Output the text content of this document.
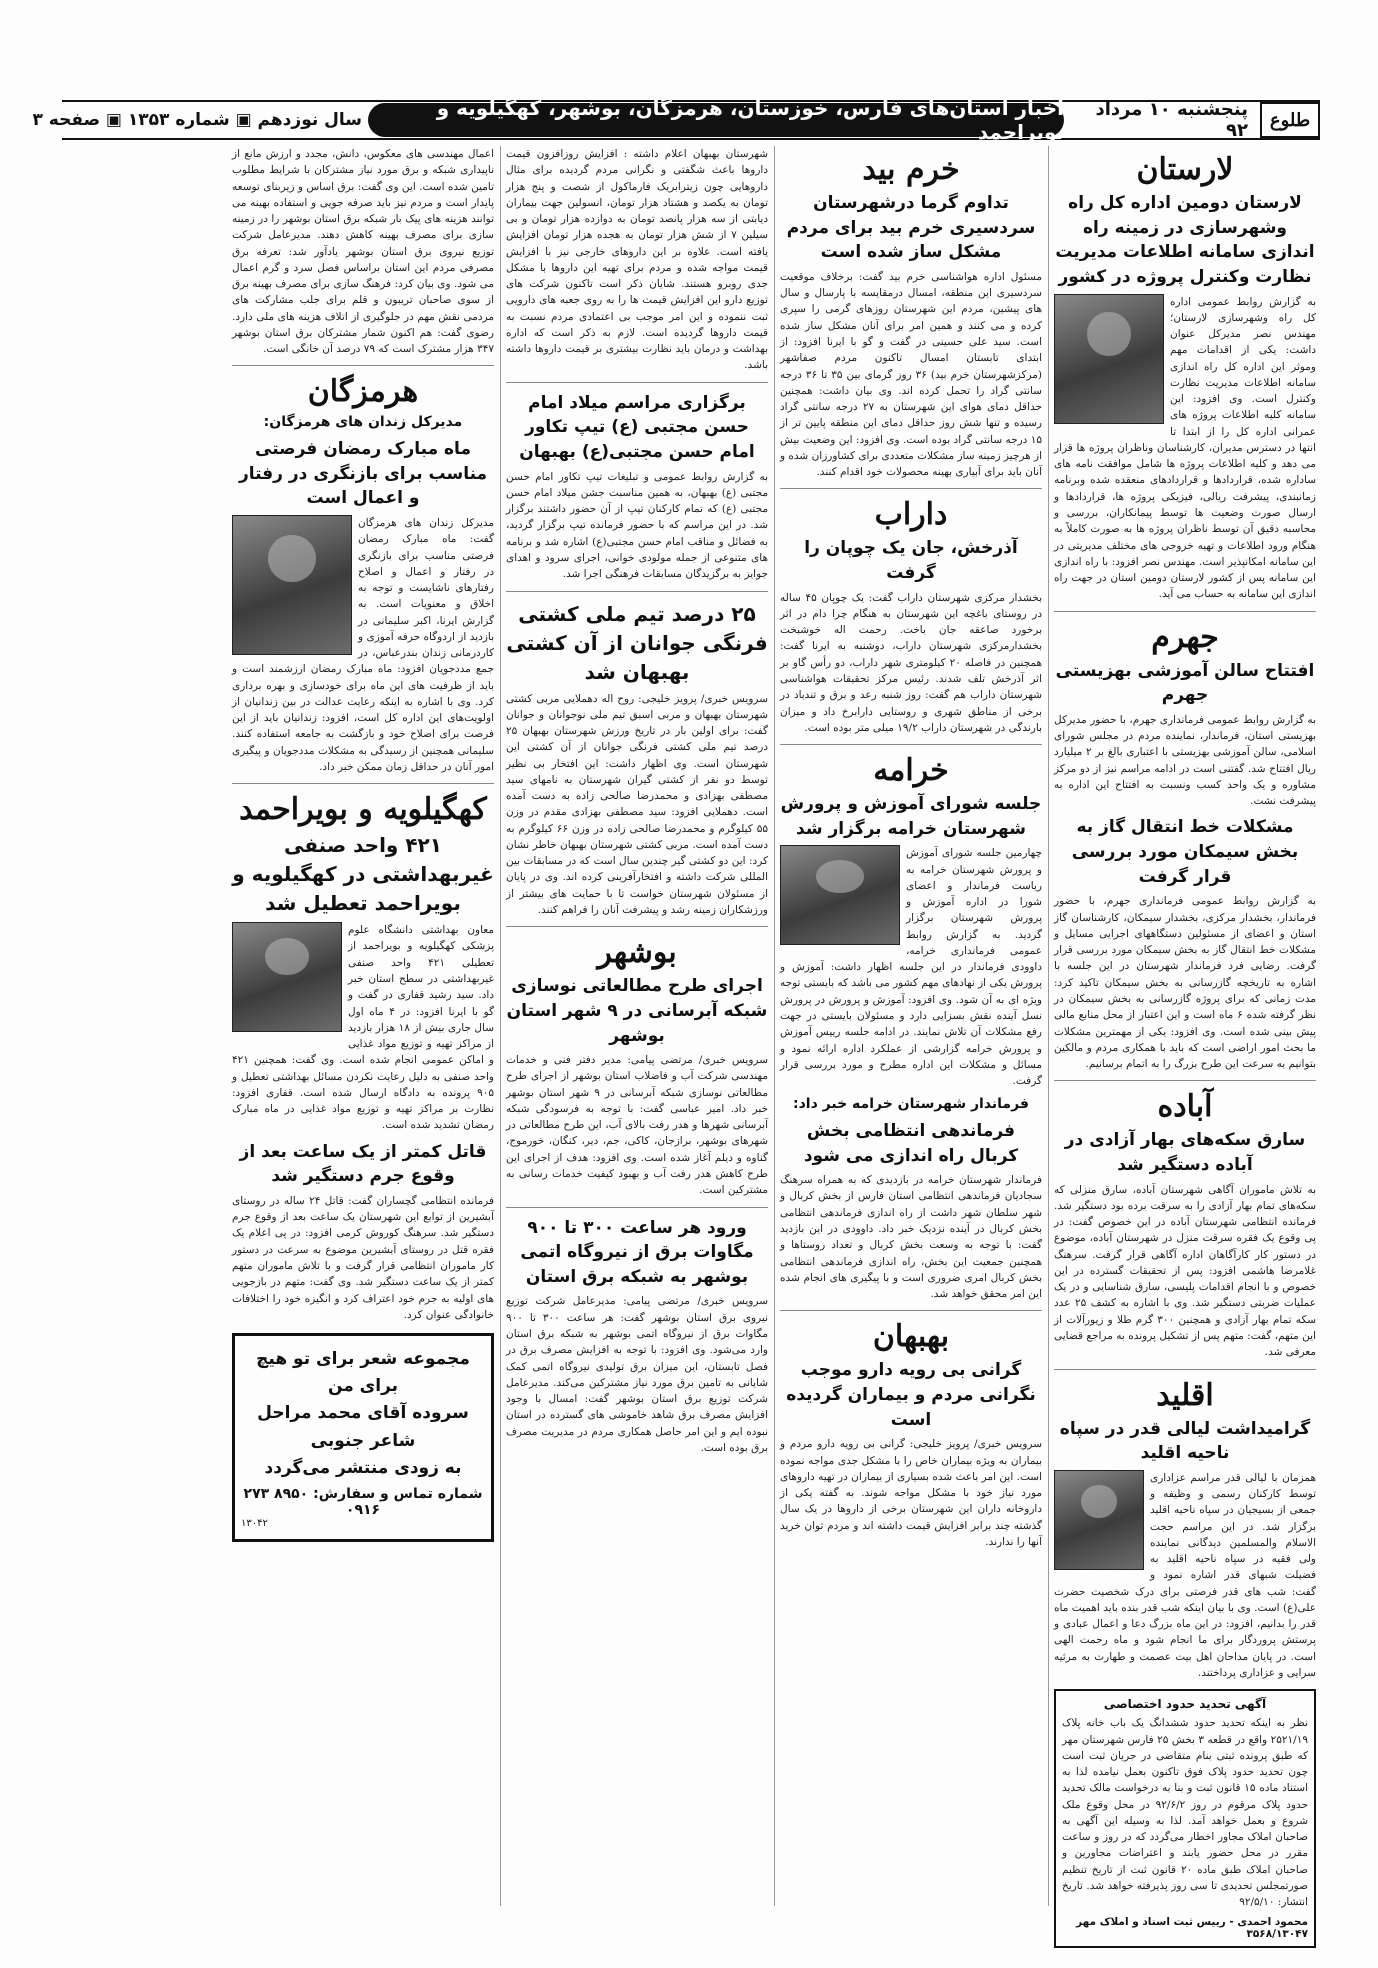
طلوع
پنجشنبه ۱۰ مرداد ۹۲
اخبار استان‌های فارس، خوزستان، هرمزگان، بوشهر، کهگیلویه و بویراحمد
سال نوزدهم ▣ شماره ۱۳۵۳ ▣ صفحه ۳
لارستان
لارستان دومین اداره کل راه وشهرسازی در زمینه راه اندازی سامانه اطلاعات مدیریت نظارت وکنترل پروژه در کشور
به گزارش روابط عمومی اداره کل راه وشهرسازی لارستان؛ مهندس نصر مدیرکل عنوان داشت: یکی از اقدامات مهم وموثر این اداره کل راه اندازی سامانه اطلاعات مدیریت نظارت وکنترل است. وی افزود: این سامانه کلیه اطلاعات پروژه های عمرانی اداره کل را از ابتدا تا انتها در دسترس مدیران، کارشناسان وناظران پروژه ها قرار می دهد و کلیه اطلاعات پروژه ها شامل موافقت نامه های ساداره شده، قراردادها و قراردادهای منعقده شده وبرنامه زمانبندی، پیشرفت ریالی، فیزیکی پروژه ها، قراردادها و ارسال صورت وضعیت ها توسط پیمانکاران، بررسی و محاسبه دقیق آن توسط ناظران پروژه ها به صورت کاملاً به هنگام ورود اطلاعات و تهیه خروجی های مختلف مدیریتی در این سامانه امکانپذیر است. مهندس نصر افزود: با راه اندازی این سامانه پس از کشور لارستان دومین استان در جهت راه اندازی این سامانه به حساب می آید.
جهرم
افتتاح سالن آموزشی بهزیستی جهرم
به گزارش روابط عمومی فرمانداری جهرم، با حضور مدیرکل بهزیستی استان، فرماندار، نماینده مردم در مجلس شورای اسلامی، سالن آموزشی بهزیستی با اعتباری بالغ بر ۲ میلیارد ریال افتتاح شد. گفتنی است در ادامه مراسم نیز از دو مرکز مشاوره و یک واحد کسب ونسبت به افتتاح این اداره به پیشرفت نشت.
مشکلات خط انتقال گاز به بخش سیمکان مورد بررسی قرار گرفت
به گزارش روابط عمومی فرمانداری جهرم، با حضور فرماندار، بخشدار مرکزی، بخشدار سیمکان، کارشناسان گاز استان و اعضای از مسئولین دستگاههای اجرایی مسایل و مشکلات خط انتقال گاز به بخش سیمکان مورد بررسی قرار گرفت. رضایی فرد فرماندار شهرستان در این جلسه با اشاره به تاریخچه گازرسانی به بخش سیمکان تاکید کرد: مدت زمانی که برای پروژه گازرسانی به بخش سیمکان در نظر گرفته شده ۶ ماه است و این اعتبار از محل منابع مالی پیش بینی شده است. وی افزود: یکی از مهمترین مشکلات ما بحث امور اراضی است که باید با همکاری مردم و مالکین بتوانیم به سرعت این طرح بزرگ را به اتمام برسانیم.
آباده
سارق سکه‌های بهار آزادی در آباده دستگیر شد
به تلاش ماموران آگاهی شهرستان آباده، سارق منزلی که سکه‌های تمام بهار آزادی را به سرقت برده بود دستگیر شد. فرمانده انتظامی شهرستان آباده در این خصوص گفت: در پی وقوع یک فقره سرقت منزل در شهرستان آباده، موضوع در دستور کار کارآگاهان اداره آگاهی قرار گرفت. سرهنگ غلامرضا هاشمی افزود: پس از تحقیقات گسترده در این خصوص و با انجام اقدامات پلیسی، سارق شناسایی و در یک عملیات ضربتی دستگیر شد. وی با اشاره به کشف ۲۵ عدد سکه تمام بهار آزادی و همچنین ۳۰۰ گرم طلا و زیورآلات از این متهم، گفت: متهم پس از تشکیل پرونده به مراجع قضایی معرفی شد.
اقلید
گرامیداشت لیالی قدر در سپاه ناحیه اقلید
همزمان با لیالی قدر مراسم عزاداری توسط کارکنان رسمی و وظیفه و جمعی از بسیجیان در سپاه ناحیه اقلید برگزار شد. در این مراسم حجت الاسلام والمسلمین دیدگانی نماینده ولی فقیه در سپاه ناحیه اقلید به فضیلت شبهای قدر اشاره نمود و گفت: شب های قدر فرصتی برای درک شخصیت حضرت علی(ع) است. وی با بیان اینکه شب قدر بنده باید اهمیت ماه قدر را بدانیم، افزود: در این ماه بزرگ دعا و اعمال عبادی و پرستش پروردگار برای ما انجام شود و ماه رحمت الهی است. در پایان مداحان اهل بیت عصمت و طهارت به مرثیه سرایی و عزاداری پرداختند.
آگهی تحدید حدود اختصاصی
نظر به اینکه تحدید حدود ششدانگ یک باب خانه پلاک ۲۵۲۱/۱۹ واقع در قطعه ۳ بخش ۲۵ فارس شهرستان مهر که طبق پرونده ثبتی بنام متقاضی در جریان ثبت است چون تحدید حدود پلاک فوق تاکنون بعمل نیامده لذا به استناد ماده ۱۵ قانون ثبت و بنا به درخواست مالک تحدید حدود پلاک مرقوم در روز ۹۲/۶/۲ در محل وقوع ملک شروع و بعمل خواهد آمد. لذا به وسیله این آگهی به صاحبان املاک مجاور اخطار می‌گردد که در روز و ساعت مقرر در محل حضور یابند و اعتراضات مجاورین و صاحبان املاک طبق ماده ۲۰ قانون ثبت از تاریخ تنظیم صورتمجلس تحدیدی تا سی روز پذیرفته خواهد شد. تاریخ انتشار: ۹۲/۵/۱۰
محمود احمدی - رییس ثبت اسناد و املاک مهر ۳۵۶۸/۱۳۰۴۷
خرم بید
تداوم گرما درشهرستان سردسیری خرم بید برای مردم مشکل ساز شده است
مسئول اداره هواشناسی خرم بید گفت: برخلاف موقعیت سردسیری این منطقه، امسال درمقایسه با پارسال و سال های پیشین، مردم این شهرستان روزهای گرمی را سپری کرده و می کنند و همین امر برای آنان مشکل ساز شده است. سید علی حسینی در گفت و گو با ایرنا افزود: از ابتدای تابستان امسال تاکنون مردم صفاشهر (مرکزشهرستان خرم بید) ۳۶ روز گرمای بین ۳۵ تا ۳۶ درجه سانتی گراد را تحمل کرده اند. وی بیان داشت: همچنین حداقل دمای هوای این شهرستان به ۲۷ درجه سانتی گراد رسیده و تنها شش روز حداقل دمای این منطقه پایین تر از ۱۵ درجه سانتی گراد بوده است. وی افزود: این وضعیت بیش از هرچیز زمینه ساز مشکلات متعددی برای کشاورزان شده و آنان باید برای آبیاری بهینه محصولات خود اقدام کنند.
داراب
آذرخش، جان یک چوپان را گرفت
بخشدار مرکزی شهرستان داراب گفت: یک چوپان ۴۵ ساله در روستای باغچه این شهرستان به هنگام چرا دام در اثر برخورد صاعقه جان باخت. رحمت اله خوشبخت بخشدارمرکزی شهرستان داراب، دوشنبه به ایرنا گفت: همچنین در فاصله ۲۰ کیلومتری شهر داراب، دو رأس گاو بر اثر آذرخش تلف شدند. رئیس مرکز تحقیقات هواشناسی شهرستان داراب هم گفت: روز شنبه رعد و برق و تندباد در برخی از مناطق شهری و روستایی دارابرخ داد و میزان بارندگی در شهرستان داراب ۱۹/۲ میلی متر بوده است.
خرامه
جلسه شورای آموزش و پرورش شهرستان خرامه برگزار شد
چهارمین جلسه شورای آموزش و پرورش شهرستان خرامه به ریاست فرماندار و اعضای شورا در اداره آموزش و پرورش شهرستان برگزار گردید. به گزارش روابط عمومی فرمانداری خرامه، داوودی فرماندار در این جلسه اظهار داشت: آموزش و پرورش یکی از نهادهای مهم کشور می باشد که بایستی توجه ویژه ای به آن شود. وی افزود: آموزش و پرورش در پرورش نسل آینده نقش بسزایی دارد و مسئولان بایستی در جهت رفع مشکلات آن تلاش نمایند. در ادامه جلسه رییس آموزش و پرورش خرامه گزارشی از عملکرد اداره ارائه نمود و مسائل و مشکلات این اداره مطرح و مورد بررسی قرار گرفت.
فرماندار شهرستان خرامه خبر داد:
فرماندهی انتظامی بخش کربال راه اندازی می شود
فرماندار شهرستان خرامه در بازدیدی که به همراه سرهنگ سجادیان فرماندهی انتظامی استان فارس از بخش کربال و شهر سلطان شهر داشت از راه اندازی فرماندهی انتظامی بخش کربال در آینده نزدیک خبر داد. داوودی در این بازدید گفت: با توجه به وسعت بخش کربال و تعداد روستاها و همچنین جمعیت این بخش، راه اندازی فرماندهی انتظامی بخش کربال امری ضروری است و با پیگیری های انجام شده این امر محقق خواهد شد.
بهبهان
گرانی بی رویه دارو موجب نگرانی مردم و بیماران گردیده است
سرویس خبری/ پرویز خلیجی: گرانی بی رویه دارو مردم و بیماران به ویژه بیماران خاص را با مشکل جدی مواجه نموده است. این امر باعث شده بسیاری از بیماران در تهیه داروهای مورد نیاز خود با مشکل مواجه شوند. به گفته یکی از داروخانه داران این شهرستان برخی از داروها در یک سال گذشته چند برابر افزایش قیمت داشته اند و مردم توان خرید آنها را ندارند.
شهرستان بهبهان اعلام داشته : افزایش روزافزون قیمت داروها باعث شگفتی و نگرانی مردم گردیده برای مثال داروهایی چون زیترابریک فارماکول از شصت و پنج هزار تومان به یکصد و هشتاد هزار تومان، انسولین جهت بیماران دیابتی از سه هزار پانصد تومان به دوازده هزار تومان و بی سیلین ۷ از شش هزار تومان به هجده هزار تومان افزایش یافته است. علاوه بر این داروهای خارجی نیز با افزایش قیمت مواجه شده و مردم برای تهیه این داروها با مشکل جدی روبرو هستند. شایان ذکر است تاکنون شرکت های توزیع دارو این افزایش قیمت ها را به روی جعبه های دارویی ثبت ننموده و این امر موجب بی اعتمادی مردم نسبت به قیمت داروها گردیده است. لازم به ذکر است که اداره بهداشت و درمان باید نظارت بیشتری بر قیمت داروها داشته باشد.
برگزاری مراسم میلاد امام حسن مجتبی (ع) تیپ تکاور امام حسن مجتبی(ع) بهبهان
به گزارش روابط عمومی و تبلیغات تیپ تکاور امام حسن مجتبی (ع) بهبهان، به همین مناسبت جشن میلاد امام حسن مجتبی (ع) که تمام کارکنان تیپ از آن حضور داشتند برگزار شد. در این مراسم که با حضور فرمانده تیپ برگزار گردید، به فضائل و مناقب امام حسن مجتبی(ع) اشاره شد و برنامه های متنوعی از جمله مولودی خوانی، اجرای سرود و اهدای جوایز به برگزیدگان مسابقات فرهنگی اجرا شد.
۲۵ درصد تیم ملی کشتی فرنگی جوانان از آن کشتی بهبهان شد
سرویس خبری/ پرویز خلیجی: روح اله دهملایی مربی کشتی شهرستان بهبهان و مربی اسبق تیم ملی نوجوانان و جوانان گفت: برای اولین بار در تاریخ ورزش شهرستان بهبهان ۲۵ درصد تیم ملی کشتی فرنگی جوانان از آن کشتی این شهرستان است. وی اظهار داشت: این افتخار بی نظیر توسط دو نفر از کشتی گیران شهرستان به نامهای سید مصطفی بهزادی و محمدرضا صالحی زاده به دست آمده است. دهملایی افزود: سید مصطفی بهزادی مقدم در وزن ۵۵ کیلوگرم و محمدرضا صالحی زاده در وزن ۶۶ کیلوگرم به دست آمده است. مربی کشتی شهرستان بهبهان خاطر نشان کرد: این دو کشتی گیر چندین سال است که در مسابقات بین المللی شرکت داشته و افتخارآفرینی کرده اند. وی در پایان از مسئولان شهرستان خواست تا با حمایت های بیشتر از ورزشکاران زمینه رشد و پیشرفت آنان را فراهم کنند.
بوشهر
اجرای طرح مطالعاتی نوسازی شبکه آبرسانی در ۹ شهر استان بوشهر
سرویس خبری/ مرتضی پیامی: مدیر دفتر فنی و خدمات مهندسی شرکت آب و فاضلاب استان بوشهر از اجرای طرح مطالعاتی نوسازی شبکه آبرسانی در ۹ شهر استان بوشهر خبر داد. امیر عباسی گفت: با توجه به فرسودگی شبکه آبرسانی شهرها و هدر رفت بالای آب، این طرح مطالعاتی در شهرهای بوشهر، برازجان، کاکی، جم، دیر، کنگان، خورموج، گناوه و دیلم آغاز شده است. وی افزود: هدف از اجرای این طرح کاهش هدر رفت آب و بهبود کیفیت خدمات رسانی به مشترکین است.
ورود هر ساعت ۳۰۰ تا ۹۰۰ مگاوات برق از نیروگاه اتمی بوشهر به شبکه برق استان
سرویس خبری/ مرتضی پیامی: مدیرعامل شرکت توزیع نیروی برق استان بوشهر گفت: هر ساعت ۳۰۰ تا ۹۰۰ مگاوات برق از نیروگاه اتمی بوشهر به شبکه برق استان وارد می‌شود. وی افزود: با توجه به افزایش مصرف برق در فصل تابستان، این میزان برق تولیدی نیروگاه اتمی کمک شایانی به تامین برق مورد نیاز مشترکین می‌کند. مدیرعامل شرکت توزیع برق استان بوشهر گفت: امسال با وجود افزایش مصرف برق شاهد خاموشی های گسترده در استان نبوده ایم و این امر حاصل همکاری مردم در مدیریت مصرف برق بوده است.
اعمال مهندسی های معکوس، دانش، مجدد و ارزش مانع از ناپیداری شبکه و برق مورد نیاز مشترکان با شرایط مطلوب تامین شده است. این وی گفت: برق اساس و زیربنای توسعه پایدار است و مردم نیز باید صرفه جویی و استفاده بهینه می توانند هزینه های پیک بار شبکه برق استان بوشهر را در زمینه سازی برای مصرف بهینه کاهش دهند. مدیرعامل شرکت توزیع نیروی برق استان بوشهر یادآور شد: تعرفه برق مصرفی مردم این استان براساس فصل سرد و گرم اعمال می شود. وی بیان کرد: فرهنگ سازی برای مصرف بهینه برق از سوی صاحبان تریبون و قلم برای جلب مشارکت های مردمی نقش مهم در جلوگیری از اتلاف هزینه های ملی دارد. رضوی گفت: هم اکنون شمار مشترکان برق استان بوشهر ۳۴۷ هزار مشترک است که ۷۹ درصد آن خانگی است.
هرمزگان
مدیرکل زندان های هرمزگان:
ماه مبارک رمضان فرصتی مناسب برای بازنگری در رفتار و اعمال است
مدیرکل زندان های هرمزگان گفت: ماه مبارک رمضان فرصتی مناسب برای بازنگری در رفتار و اعمال و اصلاح رفتارهای ناشایست و توجه به اخلاق و معنویات است. به گزارش ایرنا، اکبر سلیمانی در بازدید از اردوگاه حرفه آموزی و کاردرمانی زندان بندرعباس، در جمع مددجویان افزود: ماه مبارک رمضان ارزشمند است و باید از ظرفیت های این ماه برای خودسازی و بهره برداری کرد. وی با اشاره به اینکه رعایت عدالت در بین زندانیان از اولویت‌های این اداره کل است، افزود: زندانیان باید از این فرصت برای اصلاح خود و بازگشت به جامعه استفاده کنند. سلیمانی همچنین از رسیدگی به مشکلات مددجویان و پیگیری امور آنان در حداقل زمان ممکن خبر داد.
کهگیلویه و بویراحمد
۴۲۱ واحد صنفی غیربهداشتی در کهگیلویه و بویراحمد تعطیل شد
معاون بهداشتی دانشگاه علوم پزشکی کهگیلویه و بویراحمد از تعطیلی ۴۲۱ واحد صنفی غیربهداشتی در سطح استان خبر داد. سید رشید قفاری در گفت و گو با ایرنا افزود: در ۴ ماه اول سال جاری بیش از ۱۸ هزار بازدید از مراکز تهیه و توزیع مواد غذایی و اماکن عمومی انجام شده است. وی گفت: همچنین ۴۲۱ واحد صنفی به دلیل رعایت نکردن مسائل بهداشتی تعطیل و ۹۰۵ پرونده به دادگاه ارسال شده است. قفاری افزود: نظارت بر مراکز تهیه و توزیع مواد غذایی در ماه مبارک رمضان تشدید شده است.
قاتل کمتر از یک ساعت بعد از وقوع جرم دستگیر شد
فرمانده انتظامی گچساران گفت: قاتل ۲۴ ساله در روستای آبشیرین از توابع این شهرستان یک ساعت بعد از وقوع جرم دستگیر شد. سرهنگ کوروش کرمی افزود: در پی اعلام یک فقره قتل در روستای آبشیرین موضوع به سرعت در دستور کار ماموران انتظامی قرار گرفت و با تلاش ماموران متهم کمتر از یک ساعت دستگیر شد. وی گفت: متهم در بازجویی های اولیه به جرم خود اعتراف کرد و انگیزه خود را اختلافات خانوادگی عنوان کرد.
مجموعه شعر برای تو هیچ برای من
سروده آقای محمد مراحل
شاعر جنوبی
به زودی منتشر می‌گردد
شماره تماس و سفارش: ۸۹۵۰ ۲۷۳ ۰۹۱۶
۱۳۰۴۲
